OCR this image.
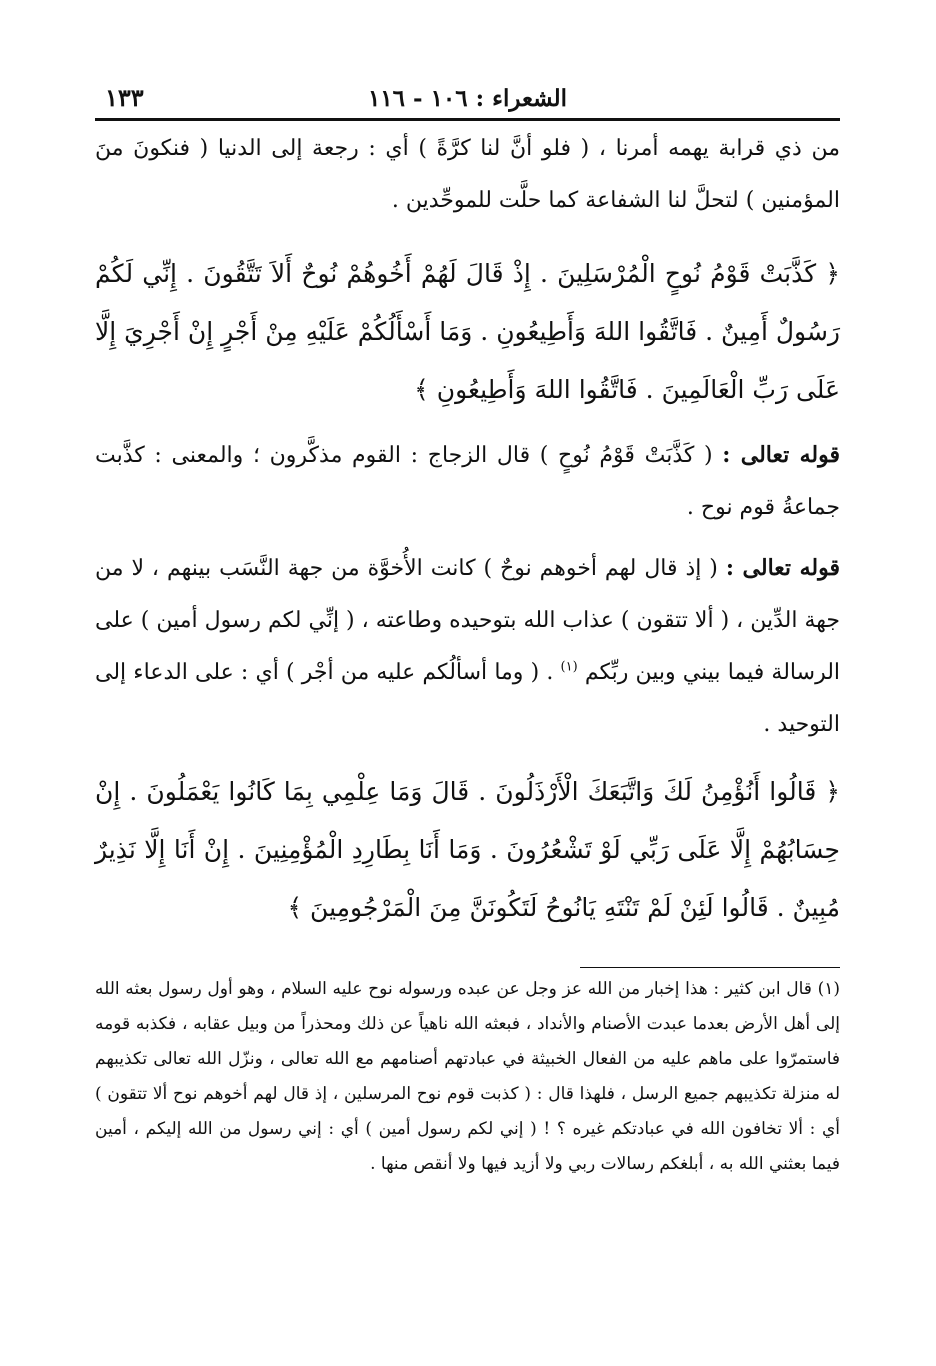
الشعراء : ١٠٦ - ١١٦
١٣٣

من ذي قرابة يهمه أمرنا ، ( فلو أنَّ لنا كرَّةً ) أي : رجعة إلى الدنيا ( فنكونَ منَ المؤمنين ) لتحلَّ لنا الشفاعة كما حلَّت للموحِّدين .

﴿ كَذَّبَتْ قَوْمُ نُوحٍ الْمُرْسَلِينَ . إِذْ قَالَ لَهُمْ أَخُوهُمْ نُوحٌ أَلاَ تَتَّقُونَ . إِنِّي لَكُمْ رَسُولٌ أَمِينٌ . فَاتَّقُوا اللهَ وَأَطِيعُونِ . وَمَا أَسْأَلُكُمْ عَلَيْهِ مِنْ أَجْرٍ إِنْ أَجْرِيَ إِلَّا عَلَى رَبِّ الْعَالَمِينَ . فَاتَّقُوا اللهَ وَأَطِيعُونِ ﴾

قوله تعالى : ( كَذَّبَتْ قَوْمُ نُوحٍ ) قال الزجاج : القوم مذكَّرون ؛ والمعنى : كذَّبت جماعةُ قوم نوح .

قوله تعالى : ( إذ قال لهم أخوهم نوحٌ ) كانت الأُخوَّة من جهة النَّسَب بينهم ، لا من جهة الدِّين ، ( ألا تتقون ) عذاب الله بتوحيده وطاعته ، ( إنِّي لكم رسول أمين ) على الرسالة فيما بيني وبين ربِّكم $^{(١)}$ . ( وما أسألُكم عليه من أجْر ) أي : على الدعاء إلى التوحيد .

﴿ قَالُوا أَنُؤْمِنُ لَكَ وَاتَّبَعَكَ الْأَرْذَلُونَ . قَالَ وَمَا عِلْمِي بِمَا كَانُوا يَعْمَلُونَ . إِنْ حِسَابُهُمْ إِلَّا عَلَى رَبِّي لَوْ تَشْعُرُونَ . وَمَا أَنَا بِطَارِدِ الْمُؤْمِنِينَ . إِنْ أَنَا إِلَّا نَذِيرٌ مُبِينٌ . قَالُوا لَئِنْ لَمْ تَنْتَهِ يَانُوحُ لَتَكُونَنَّ مِنَ الْمَرْجُومِينَ ﴾

(١) قال ابن كثير : هذا إخبار من الله عز وجل عن عبده ورسوله نوح عليه السلام ، وهو أول رسول بعثه الله إلى أهل الأرض بعدما عبدت الأصنام والأنداد ، فبعثه الله ناهياً عن ذلك ومحذراً من وبيل عقابه ، فكذبه قومه فاستمرّوا على ماهم عليه من الفعال الخبيثة في عبادتهم أصنامهم مع الله تعالى ، ونزّل الله تعالى تكذيبهم له منزلة تكذيبهم جميع الرسل ، فلهذا قال : ( كذبت قوم نوح المرسلين ، إذ قال لهم أخوهم نوح ألا تتقون ) أي : ألا تخافون الله في عبادتكم غيره ؟ ! ( إني لكم رسول أمين ) أي : إني رسول من الله إليكم ، أمين فيما بعثني الله به ، أبلغكم رسالات ربي ولا أزيد فيها ولا أنقص منها .
